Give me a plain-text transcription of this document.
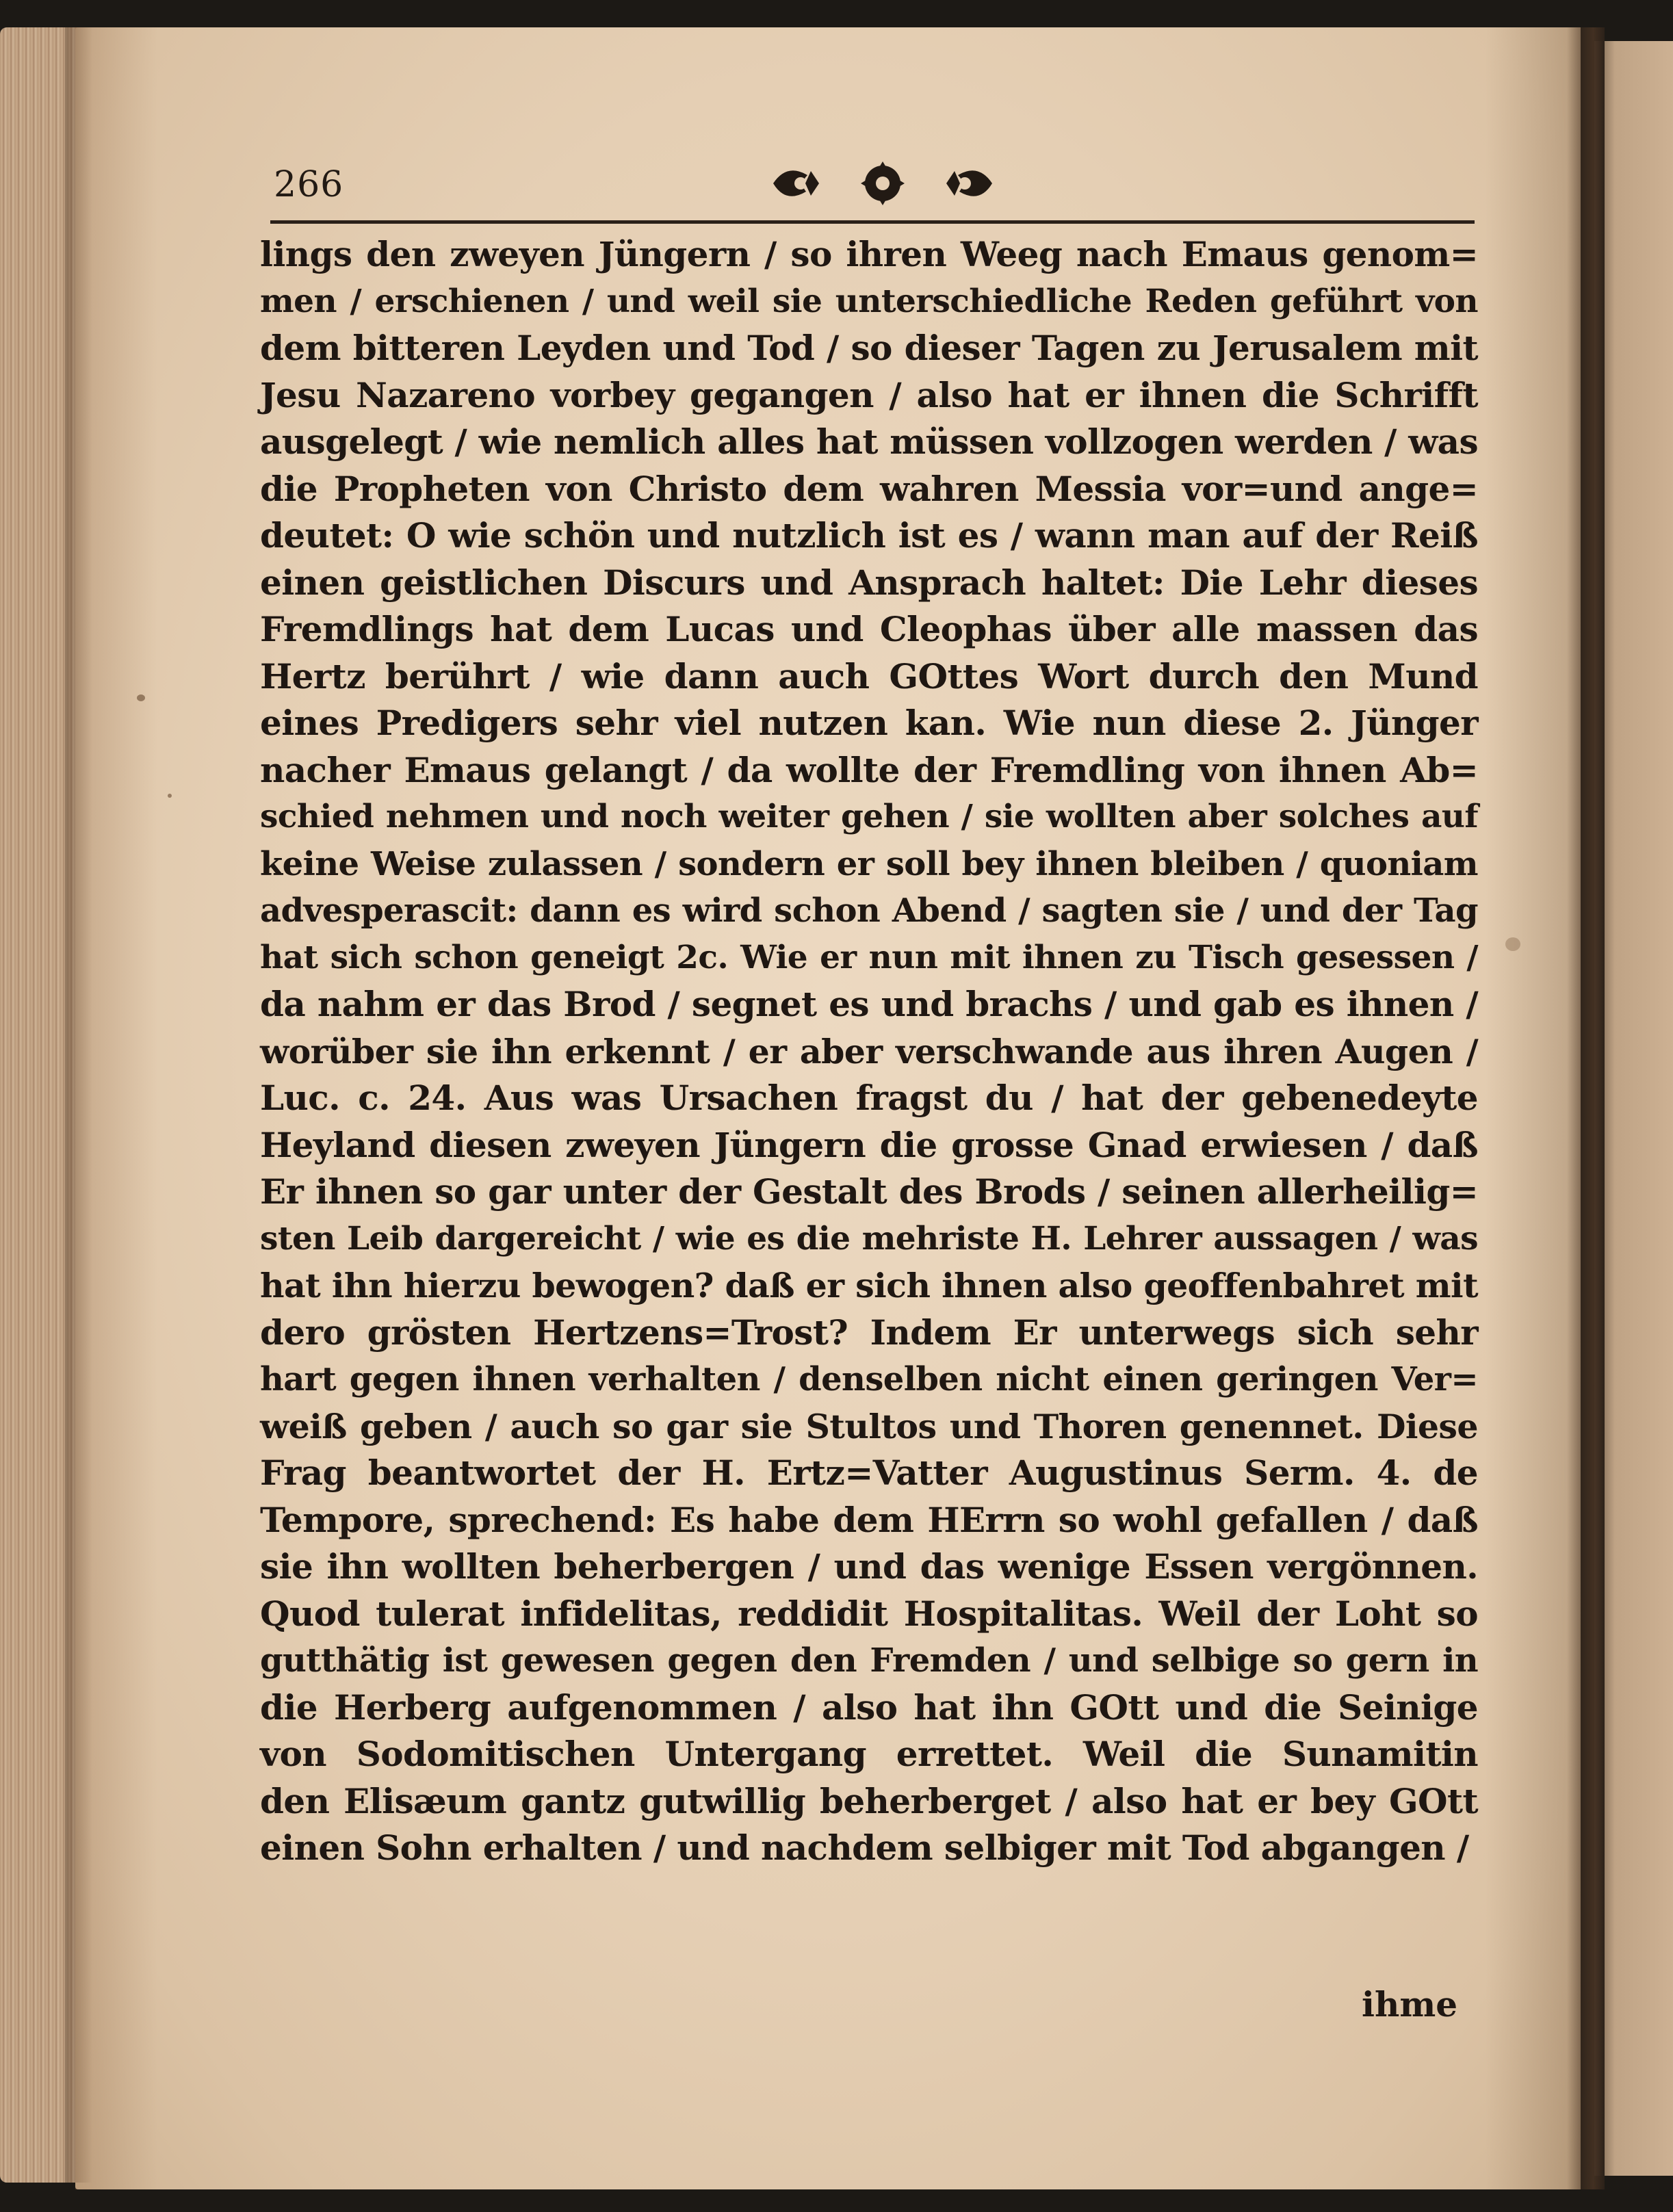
266
lings den zweyen Jüngern / so ihren Weeg nach Emaus genom=
men / erschienen / und weil sie unterschiedliche Reden geführt von
dem bitteren Leyden und Tod / so dieser Tagen zu Jerusalem mit
Jesu Nazareno vorbey gegangen / also hat er ihnen die Schrifft
ausgelegt / wie nemlich alles hat müssen vollzogen werden / was
die Propheten von Christo dem wahren Messia vor=und ange=
deutet: O wie schön und nutzlich ist es / wann man auf der Reiß
einen geistlichen Discurs und Ansprach haltet: Die Lehr dieses
Fremdlings hat dem Lucas und Cleophas über alle massen das
Hertz berührt / wie dann auch GOttes Wort durch den Mund
eines Predigers sehr viel nutzen kan. Wie nun diese 2. Jünger
nacher Emaus gelangt / da wollte der Fremdling von ihnen Ab=
schied nehmen und noch weiter gehen / sie wollten aber solches auf
keine Weise zulassen / sondern er soll bey ihnen bleiben / quoniam
advesperascit: dann es wird schon Abend / sagten sie / und der Tag
hat sich schon geneigt 2c. Wie er nun mit ihnen zu Tisch gesessen /
da nahm er das Brod / segnet es und brachs / und gab es ihnen /
worüber sie ihn erkennt / er aber verschwande aus ihren Augen /
Luc. c. 24. Aus was Ursachen fragst du / hat der gebenedeyte
Heyland diesen zweyen Jüngern die grosse Gnad erwiesen / daß
Er ihnen so gar unter der Gestalt des Brods / seinen allerheilig=
sten Leib dargereicht / wie es die mehriste H. Lehrer aussagen / was
hat ihn hierzu bewogen? daß er sich ihnen also geoffenbahret mit
dero grösten Hertzens=Trost? Indem Er unterwegs sich sehr
hart gegen ihnen verhalten / denselben nicht einen geringen Ver=
weiß geben / auch so gar sie Stultos und Thoren genennet. Diese
Frag beantwortet der H. Ertz=Vatter Augustinus Serm. 4. de
Tempore, sprechend: Es habe dem HErrn so wohl gefallen / daß
sie ihn wollten beherbergen / und das wenige Essen vergönnen.
Quod tulerat infidelitas, reddidit Hospitalitas. Weil der Loht so
gutthätig ist gewesen gegen den Fremden / und selbige so gern in
die Herberg aufgenommen / also hat ihn GOtt und die Seinige
von Sodomitischen Untergang errettet. Weil die Sunamitin
den Elisæum gantz gutwillig beherberget / also hat er bey GOtt
einen Sohn erhalten / und nachdem selbiger mit Tod abgangen /
ihme
